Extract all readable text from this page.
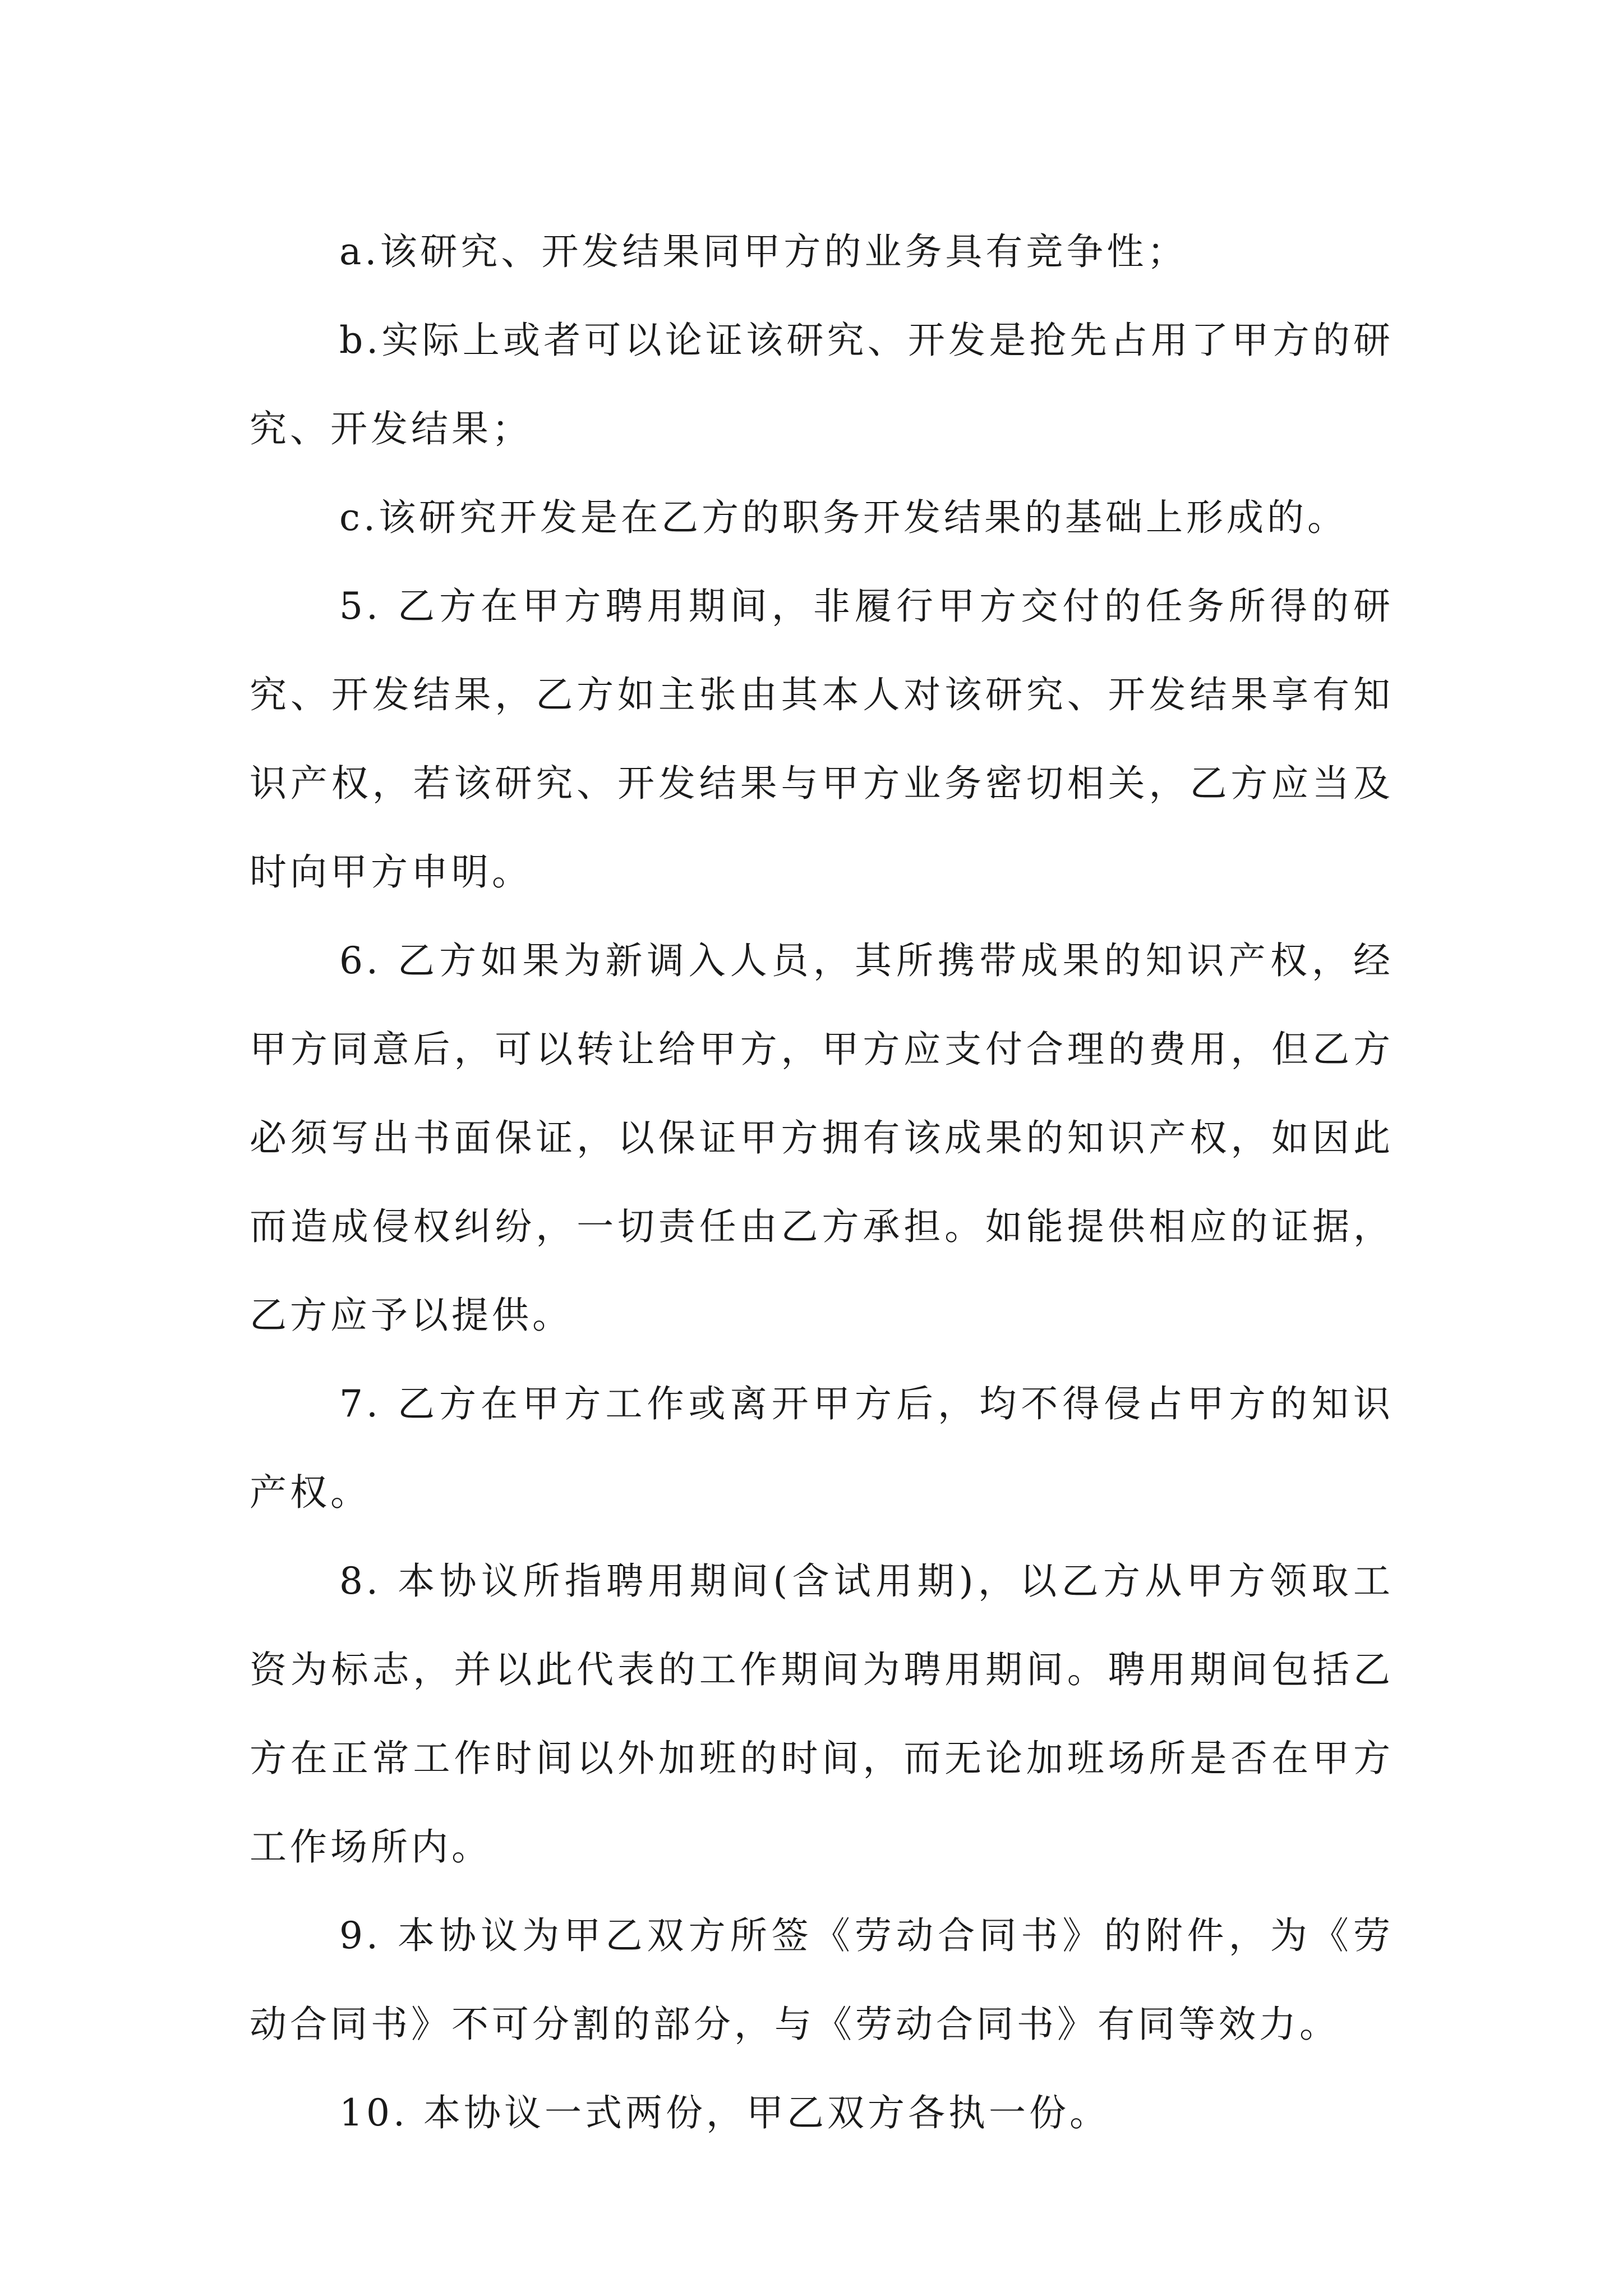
a.该研究、开发结果同甲方的业务具有竞争性；

b.实际上或者可以论证该研究、开发是抢先占用了甲方的研究、开发结果；

c.该研究开发是在乙方的职务开发结果的基础上形成的。

5. 乙方在甲方聘用期间，非履行甲方交付的任务所得的研究、开发结果，乙方如主张由其本人对该研究、开发结果享有知识产权，若该研究、开发结果与甲方业务密切相关，乙方应当及时向甲方申明。

6. 乙方如果为新调入人员，其所携带成果的知识产权，经甲方同意后，可以转让给甲方，甲方应支付合理的费用，但乙方必须写出书面保证，以保证甲方拥有该成果的知识产权，如因此而造成侵权纠纷，一切责任由乙方承担。如能提供相应的证据，乙方应予以提供。

7. 乙方在甲方工作或离开甲方后，均不得侵占甲方的知识产权。

8. 本协议所指聘用期间(含试用期)，以乙方从甲方领取工资为标志，并以此代表的工作期间为聘用期间。聘用期间包括乙方在正常工作时间以外加班的时间，而无论加班场所是否在甲方工作场所内。

9. 本协议为甲乙双方所签《劳动合同书》的附件，为《劳动合同书》不可分割的部分，与《劳动合同书》有同等效力。

10. 本协议一式两份，甲乙双方各执一份。
